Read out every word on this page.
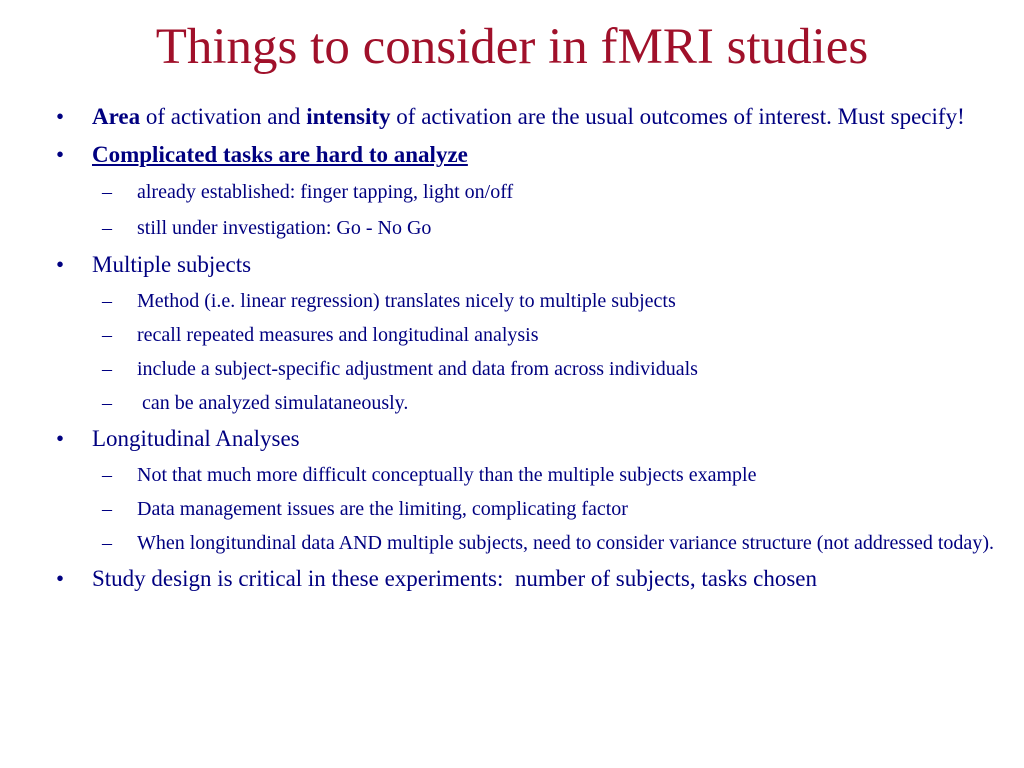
Things to consider in fMRI studies
• Area of activation and intensity of activation are the usual outcomes of interest. Must specify!
• Complicated tasks are hard to analyze
– already established: finger tapping, light on/off
– still under investigation: Go - No Go
• Multiple subjects
– Method (i.e. linear regression) translates nicely to multiple subjects
– recall repeated measures and longitudinal analysis
– include a subject-specific adjustment and data from across individuals
– can be analyzed simulataneously.
• Longitudinal Analyses
– Not that much more difficult conceptually than the multiple subjects example
– Data management issues are the limiting, complicating factor
– When longitundinal data AND multiple subjects, need to consider variance structure (not addressed today).
• Study design is critical in these experiments:  number of subjects, tasks chosen
